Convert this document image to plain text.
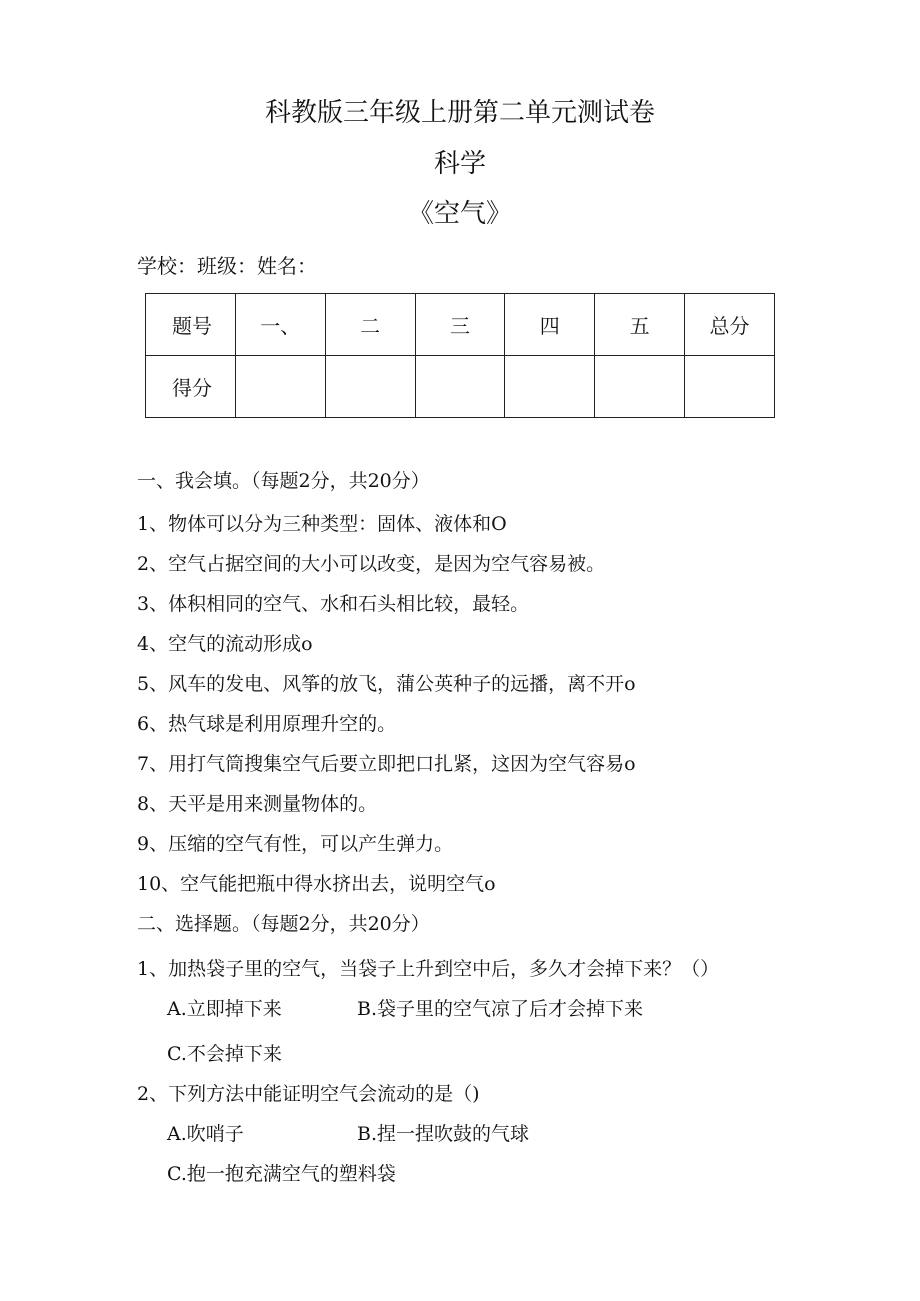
科教版三年级上册第二单元测试卷
科学
《空气》
学校：班级：姓名：
题号	一、	二	三	四	五	总分
得分						
一、我会填。（每题2分，共20分）
1、物体可以分为三种类型：固体、液体和O
2、空气占据空间的大小可以改变，是因为空气容易被。
3、体积相同的空气、水和石头相比较，最轻。
4、空气的流动形成o
5、风车的发电、风筝的放飞，蒲公英种子的远播，离不开o
6、热气球是利用原理升空的。
7、用打气筒搜集空气后要立即把口扎紧，这因为空气容易o
8、天平是用来测量物体的。
9、压缩的空气有性，可以产生弹力。
10、空气能把瓶中得水挤出去，说明空气o
二、选择题。（每题2分，共20分）
1、加热袋子里的空气，当袋子上升到空中后，多久才会掉下来？（）
A.立即掉下来	B.袋子里的空气凉了后才会掉下来
C.不会掉下来
2、下列方法中能证明空气会流动的是（)
A.吹哨子	B.捏一捏吹鼓的气球
C.抱一抱充满空气的塑料袋
